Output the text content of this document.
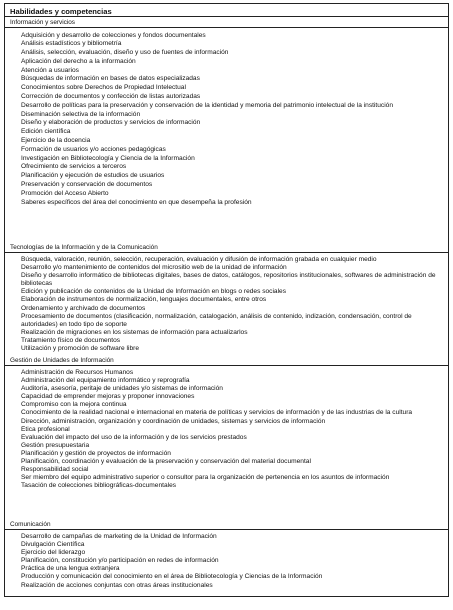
Habilidades y competencias
Información y servicios
Adquisición y desarrollo de colecciones y fondos documentales
Análisis estadísticos y bibliometría
Análisis, selección, evaluación, diseño y uso de fuentes de información
Aplicación del derecho a la información
Atención a usuarios
Búsquedas de información en bases de datos especializadas
Conocimientos sobre Derechos de Propiedad Intelectual
Corrección de documentos y confección de listas autorizadas
Desarrollo de políticas para la preservación y conservación de la identidad y memoria del patrimonio intelectual de la institución
Diseminación selectiva de la información
Diseño y elaboración de productos y servicios de información
Edición científica
Ejercicio de la docencia
Formación de usuarios y/o acciones pedagógicas
Investigación en Bibliotecología y Ciencia de la Información
Ofrecimiento de servicios a terceros
Planificación y ejecución de estudios de usuarios
Preservación y conservación de documentos
Promoción del Acceso Abierto
Saberes específicos del área del conocimiento en que desempeña la profesión
Tecnologías de la Información y de la Comunicación
Búsqueda, valoración, reunión, selección, recuperación, evaluación y difusión de información grabada en cualquier medio
Desarrollo y/o mantenimiento de contenidos del micrositio web de la unidad de información
Diseño y desarrollo informático de bibliotecas digitales, bases de datos, catálogos, repositorios institucionales, softwares de administración de bibliotecas
Edición y publicación de contenidos de la Unidad de Información en blogs o redes sociales
Elaboración de instrumentos de normalización, lenguajes documentales, entre otros
Ordenamiento y archivado de documentos
Procesamiento de documentos (clasificación, normalización, catalogación, análisis de contenido, indización, condensación, control de autoridades) en todo tipo de soporte
Realización de migraciones en los sistemas de información para actualizarlos
Tratamiento físico de documentos
Utilización y promoción de software libre
Gestión de Unidades de Información
Administración de Recursos Humanos
Administración del equipamiento informático y reprografía
Auditoría, asesoría, peritaje de unidades y/o sistemas de información
Capacidad de emprender mejoras y proponer innovaciones
Compromiso con la mejora continua
Conocimiento de la realidad nacional e internacional en materia de políticas y servicios de información y de las industrias de la cultura
Dirección, administración, organización y coordinación de unidades, sistemas y servicios de información
Ética profesional
Evaluación del impacto del uso de la información y de los servicios prestados
Gestión presupuestaria
Planificación y gestión de proyectos de información
Planificación, coordinación y evaluación de la preservación y conservación del material documental
Responsabilidad social
Ser miembro del equipo administrativo superior o consultor para la organización de pertenencia en los asuntos de información
Tasación de colecciones bibliográficas-documentales
Comunicación
Desarrollo de campañas de marketing de la Unidad de Información
Divulgación Científica
Ejercicio del liderazgo
Planificación, constitución y/o participación en redes de información
Práctica de una lengua extranjera
Producción y comunicación del conocimiento en el área de Bibliotecología y Ciencias de la Información
Realización de acciones conjuntas con otras áreas institucionales
